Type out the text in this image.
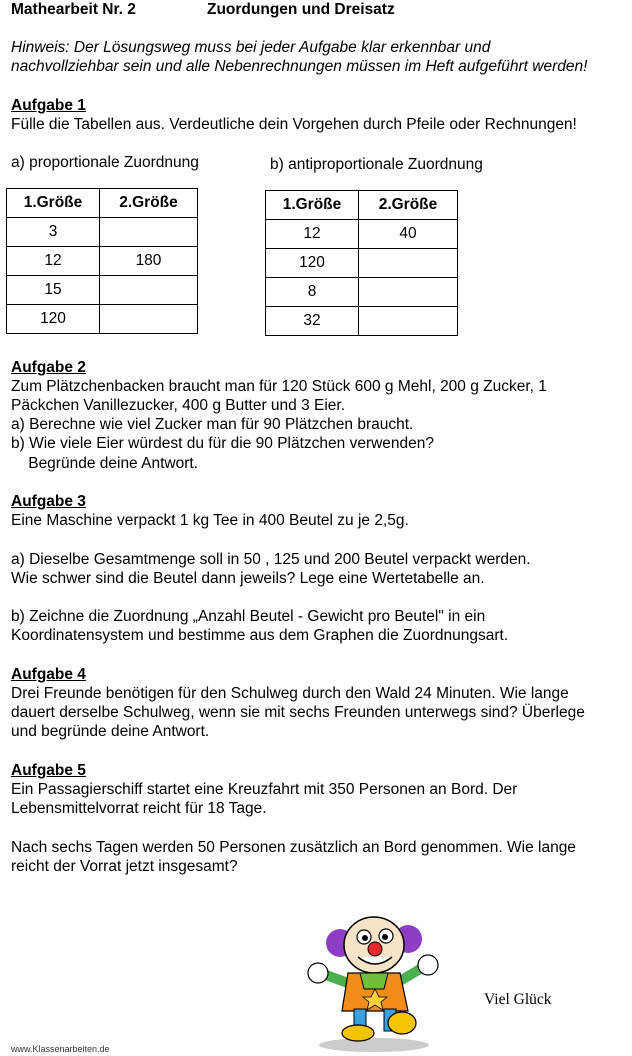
Mathearbeit Nr. 2	Zuordungen und Dreisatz
Hinweis: Der Lösungsweg muss bei jeder Aufgabe klar erkennbar und
nachvollziehbar sein und alle Nebenrechnungen müssen im Heft aufgeführt werden!
Aufgabe 1
Fülle die Tabellen aus. Verdeutliche dein Vorgehen durch Pfeile oder Rechnungen!
a) proportionale Zuordnung	b) antiproportionale Zuordnung
1.Größe	2.Größe
3	
12	180
15	
120	
1.Größe	2.Größe
12	40
120	
8	
32	
Aufgabe 2
Zum Plätzchenbacken braucht man für 120 Stück 600 g Mehl, 200 g Zucker, 1
Päckchen Vanillezucker, 400 g Butter und 3 Eier.
a) Berechne wie viel Zucker man für 90 Plätzchen braucht.
b) Wie viele Eier würdest du für die 90 Plätzchen verwenden?
Begründe deine Antwort.
Aufgabe 3
Eine Maschine verpackt 1 kg Tee in 400 Beutel zu je 2,5g.
a) Dieselbe Gesamtmenge soll in 50 , 125 und 200 Beutel verpackt werden.
Wie schwer sind die Beutel dann jeweils? Lege eine Wertetabelle an.
b) Zeichne die Zuordnung „Anzahl Beutel - Gewicht pro Beutel" in ein
Koordinatensystem und bestimme aus dem Graphen die Zuordnungsart.
Aufgabe 4
Drei Freunde benötigen für den Schulweg durch den Wald 24 Minuten. Wie lange
dauert derselbe Schulweg, wenn sie mit sechs Freunden unterwegs sind? Überlege
und begründe deine Antwort.
Aufgabe 5
Ein Passagierschiff startet eine Kreuzfahrt mit 350 Personen an Bord. Der
Lebensmittelvorrat reicht für 18 Tage.
Nach sechs Tagen werden 50 Personen zusätzlich an Bord genommen. Wie lange
reicht der Vorrat jetzt insgesamt?
Viel Glück
www.Klassenarbeiten.de
